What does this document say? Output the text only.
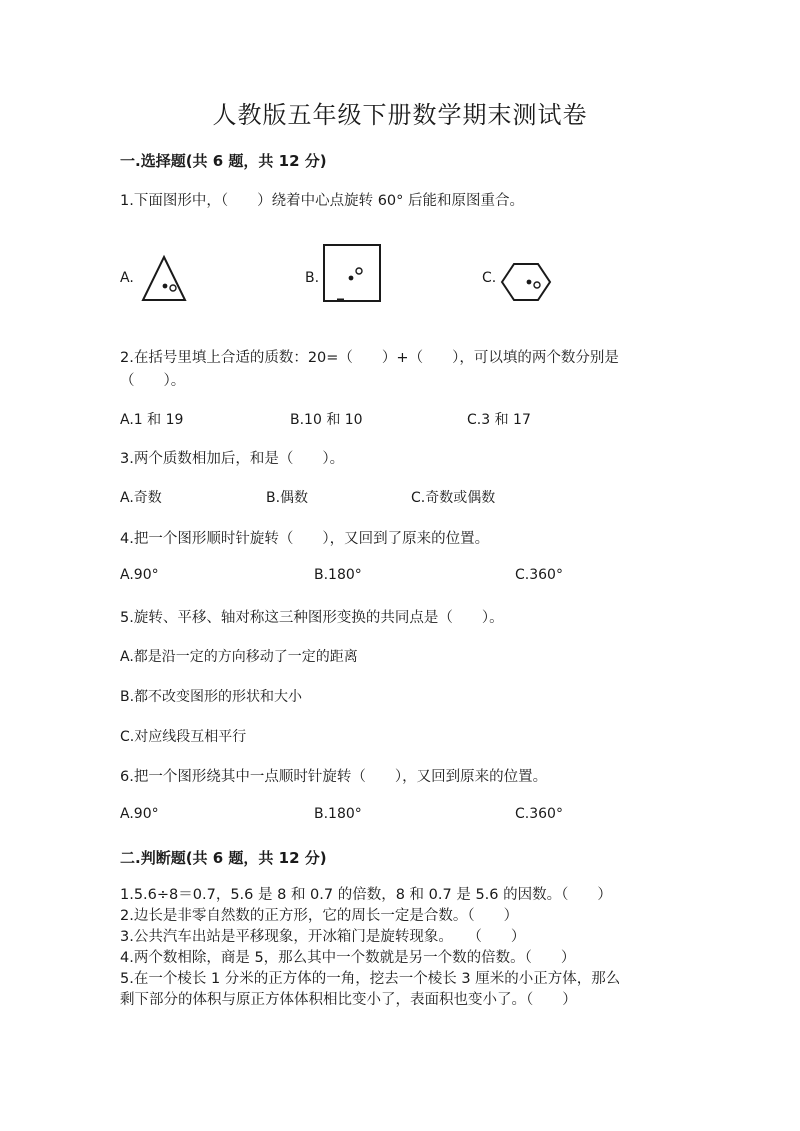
人教版五年级下册数学期末测试卷
一.选择题(共 6 题，共 12 分)
1.下面图形中，（　　）绕着中心点旋转 60° 后能和原图重合。
A.	B.	C.
2.在括号里填上合适的质数：20=（　　）+（　　），可以填的两个数分别是
（　　）。
A.1 和 19	B.10 和 10	C.3 和 17
3.两个质数相加后，和是（　　）。
A.奇数	B.偶数	C.奇数或偶数
4.把一个图形顺时针旋转（　　），又回到了原来的位置。
A.90°	B.180°	C.360°
5.旋转、平移、轴对称这三种图形变换的共同点是（　　）。
A.都是沿一定的方向移动了一定的距离
B.都不改变图形的形状和大小
C.对应线段互相平行
6.把一个图形绕其中一点顺时针旋转（　　），又回到原来的位置。
A.90°	B.180°	C.360°
二.判断题(共 6 题，共 12 分)
1.5.6÷8＝0.7，5.6 是 8 和 0.7 的倍数，8 和 0.7 是 5.6 的因数。（　　）
2.边长是非零自然数的正方形，它的周长一定是合数。（　　）
3.公共汽车出站是平移现象，开冰箱门是旋转现象。　　（　　）
4.两个数相除，商是 5，那么其中一个数就是另一个数的倍数。（　　）
5.在一个棱长 1 分米的正方体的一角，挖去一个棱长 3 厘米的小正方体，那么
剩下部分的体积与原正方体体积相比变小了，表面积也变小了。（　　）
